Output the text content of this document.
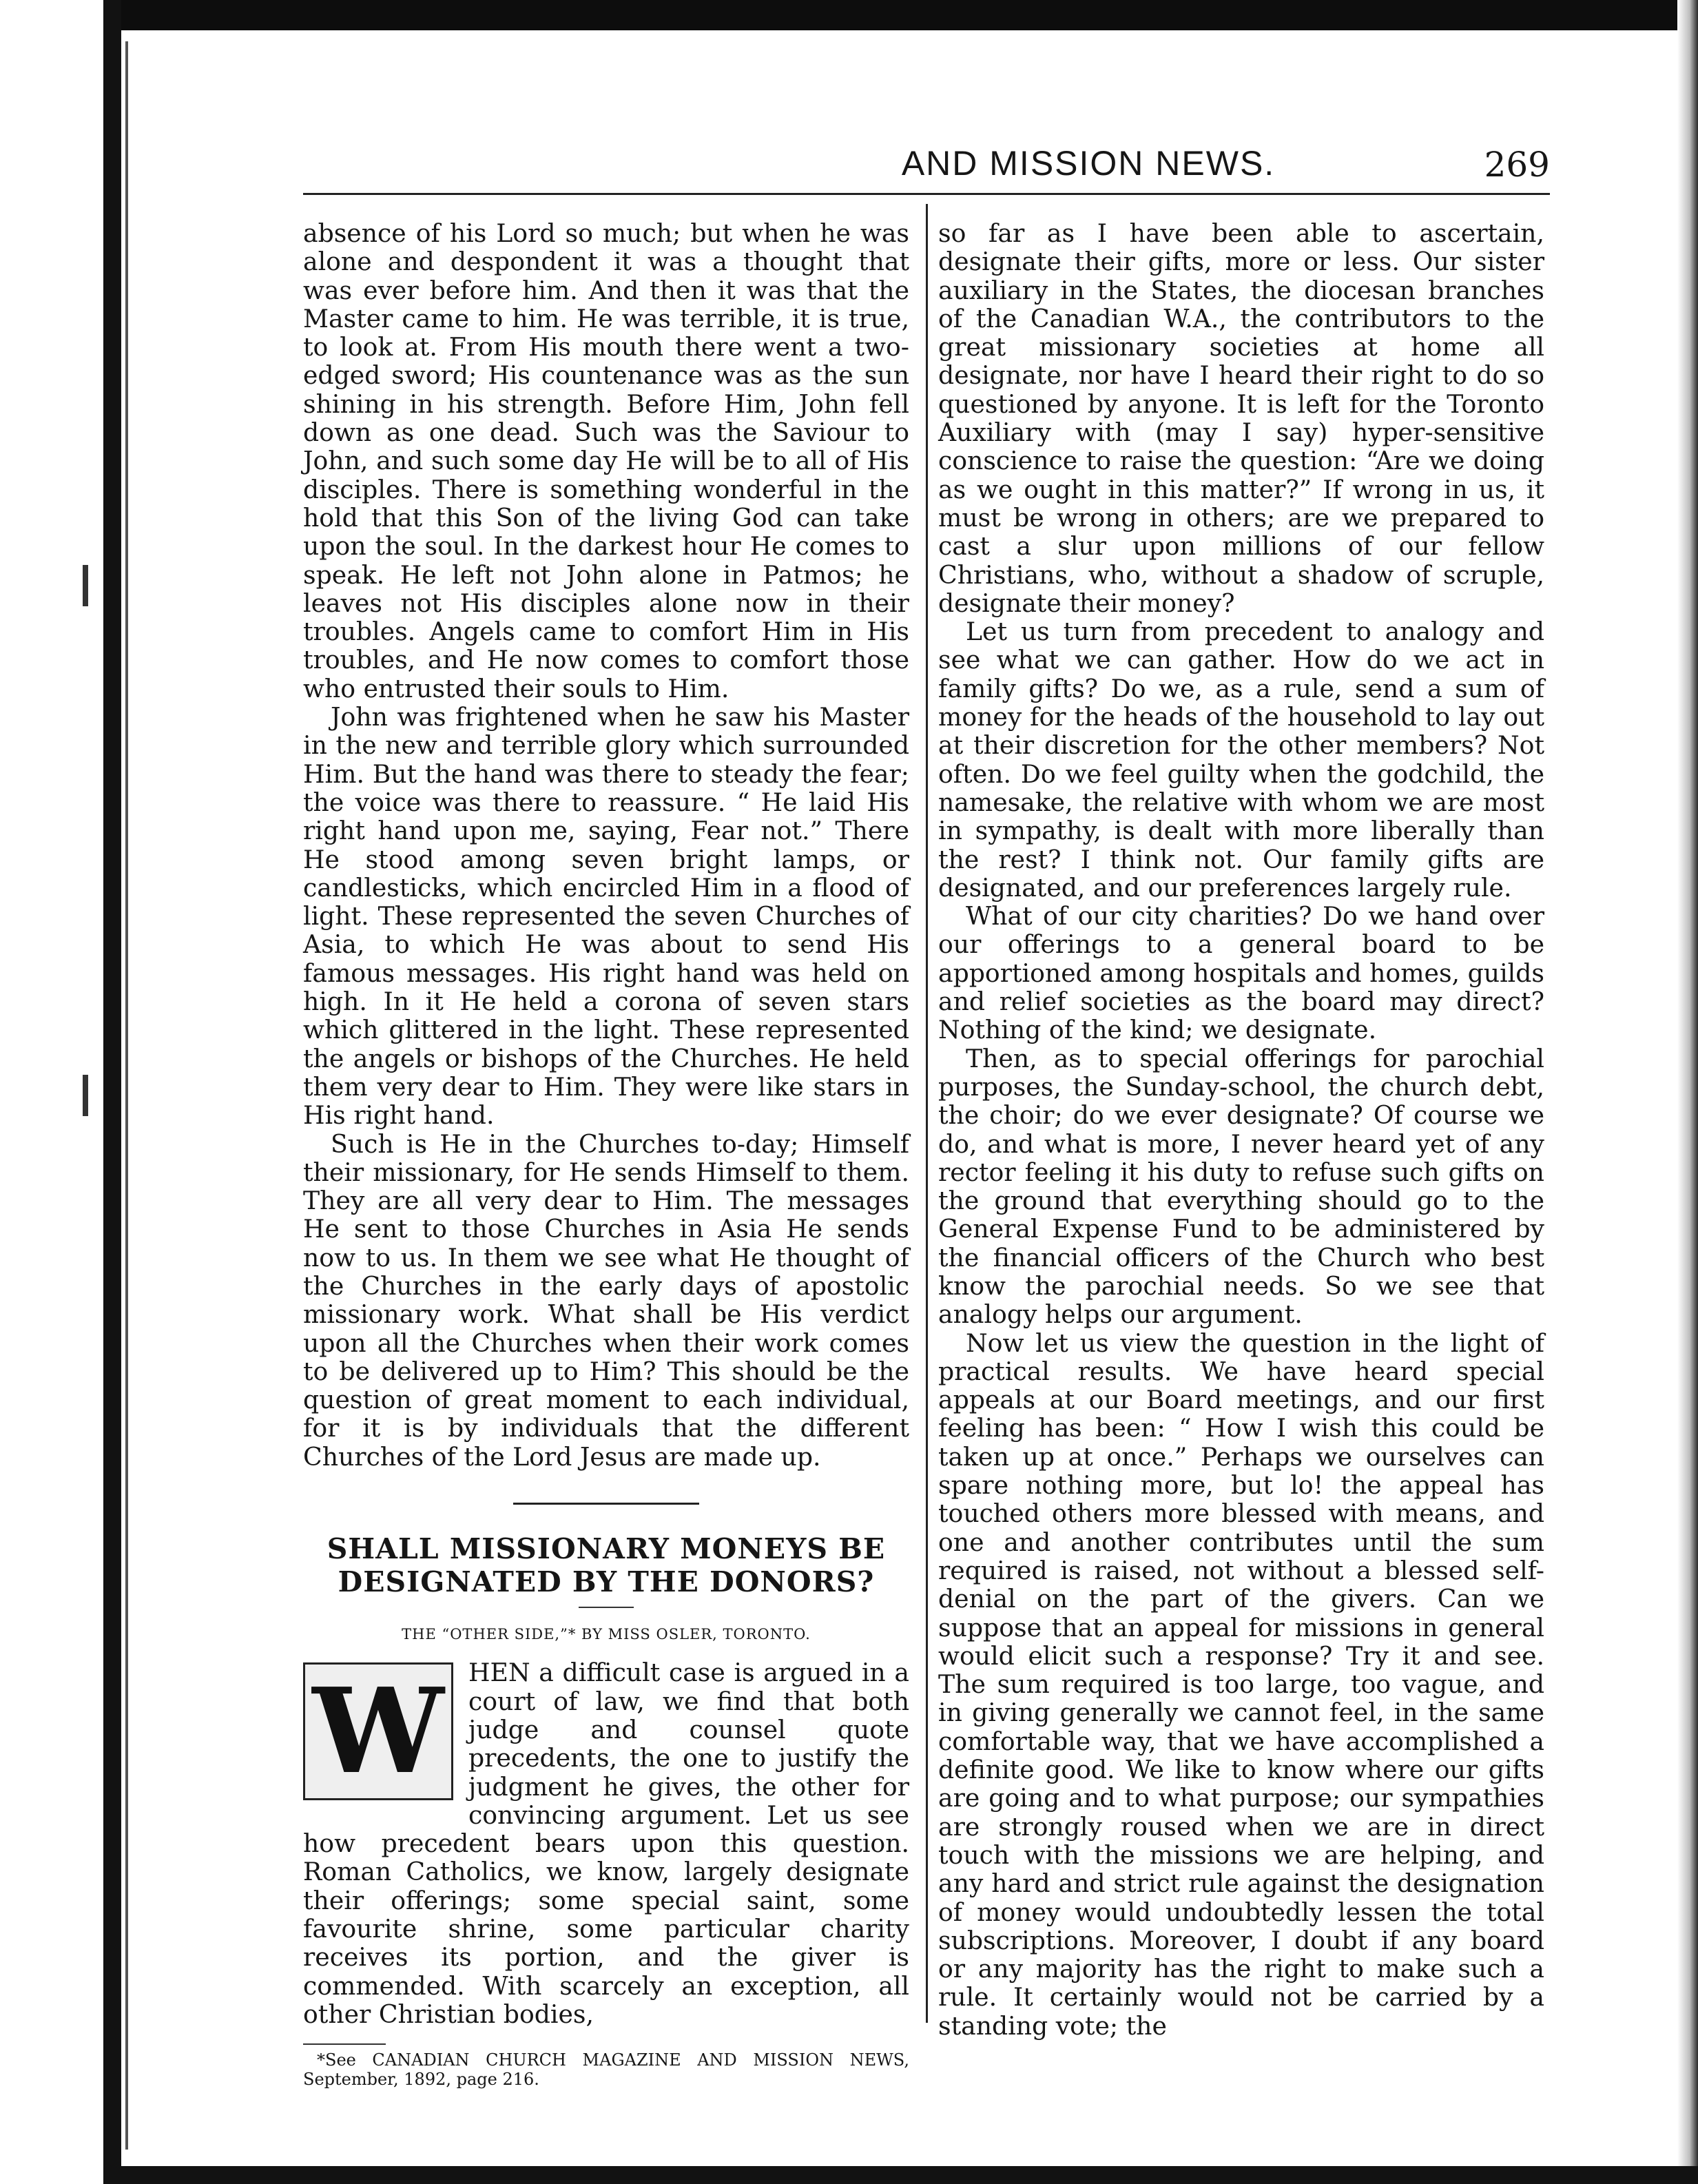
AND MISSION NEWS.	269

absence of his Lord so much; but when he was alone and despondent it was a thought that was ever before him. And then it was that the Master came to him. He was terrible, it is true, to look at. From His mouth there went a two-edged sword; His countenance was as the sun shining in his strength. Before Him, John fell down as one dead. Such was the Saviour to John, and such some day He will be to all of His disciples. There is something wonderful in the hold that this Son of the living God can take upon the soul. In the darkest hour He comes to speak. He left not John alone in Patmos; he leaves not His disciples alone now in their troubles. Angels came to comfort Him in His troubles, and He now comes to comfort those who entrusted their souls to Him.

John was frightened when he saw his Master in the new and terrible glory which surrounded Him. But the hand was there to steady the fear; the voice was there to reassure. “ He laid His right hand upon me, saying, Fear not.” There He stood among seven bright lamps, or candlesticks, which encircled Him in a flood of light. These represented the seven Churches of Asia, to which He was about to send His famous messages. His right hand was held on high. In it He held a corona of seven stars which glittered in the light. These represented the angels or bishops of the Churches. He held them very dear to Him. They were like stars in His right hand.

Such is He in the Churches to-day; Himself their missionary, for He sends Himself to them. They are all very dear to Him. The messages He sent to those Churches in Asia He sends now to us. In them we see what He thought of the Churches in the early days of apostolic missionary work. What shall be His verdict upon all the Churches when their work comes to be delivered up to Him? This should be the question of great moment to each individual, for it is by individuals that the different Churches of the Lord Jesus are made up.

SHALL MISSIONARY MONEYS BE DESIGNATED BY THE DONORS?
THE “OTHER SIDE,”* BY MISS OSLER, TORONTO.

W HEN a difficult case is argued in a court of law, we find that both judge and counsel quote precedents, the one to justify the judgment he gives, the other for convincing argument. Let us see how precedent bears upon this question. Roman Catholics, we know, largely designate their offerings; some special saint, some favourite shrine, some particular charity receives its portion, and the giver is commended. With scarcely an exception, all other Christian bodies,

*See CANADIAN CHURCH MAGAZINE AND MISSION NEWS, September, 1892, page 216.

so far as I have been able to ascertain, designate their gifts, more or less. Our sister auxiliary in the States, the diocesan branches of the Canadian W.A., the contributors to the great missionary societies at home all designate, nor have I heard their right to do so questioned by anyone. It is left for the Toronto Auxiliary with (may I say) hyper-sensitive conscience to raise the question: “Are we doing as we ought in this matter?” If wrong in us, it must be wrong in others; are we prepared to cast a slur upon millions of our fellow Christians, who, without a shadow of scruple, designate their money?

Let us turn from precedent to analogy and see what we can gather. How do we act in family gifts? Do we, as a rule, send a sum of money for the heads of the household to lay out at their discretion for the other members? Not often. Do we feel guilty when the godchild, the namesake, the relative with whom we are most in sympathy, is dealt with more liberally than the rest? I think not. Our family gifts are designated, and our preferences largely rule.

What of our city charities? Do we hand over our offerings to a general board to be apportioned among hospitals and homes, guilds and relief societies as the board may direct? Nothing of the kind; we designate.

Then, as to special offerings for parochial purposes, the Sunday-school, the church debt, the choir; do we ever designate? Of course we do, and what is more, I never heard yet of any rector feeling it his duty to refuse such gifts on the ground that everything should go to the General Expense Fund to be administered by the financial officers of the Church who best know the parochial needs. So we see that analogy helps our argument.

Now let us view the question in the light of practical results. We have heard special appeals at our Board meetings, and our first feeling has been: “ How I wish this could be taken up at once.” Perhaps we ourselves can spare nothing more, but lo! the appeal has touched others more blessed with means, and one and another contributes until the sum required is raised, not without a blessed self-denial on the part of the givers. Can we suppose that an appeal for missions in general would elicit such a response? Try it and see. The sum required is too large, too vague, and in giving generally we cannot feel, in the same comfortable way, that we have accomplished a definite good. We like to know where our gifts are going and to what purpose; our sympathies are strongly roused when we are in direct touch with the missions we are helping, and any hard and strict rule against the designation of money would undoubtedly lessen the total subscriptions. Moreover, I doubt if any board or any majority has the right to make such a rule. It certainly would not be carried by a standing vote; the
